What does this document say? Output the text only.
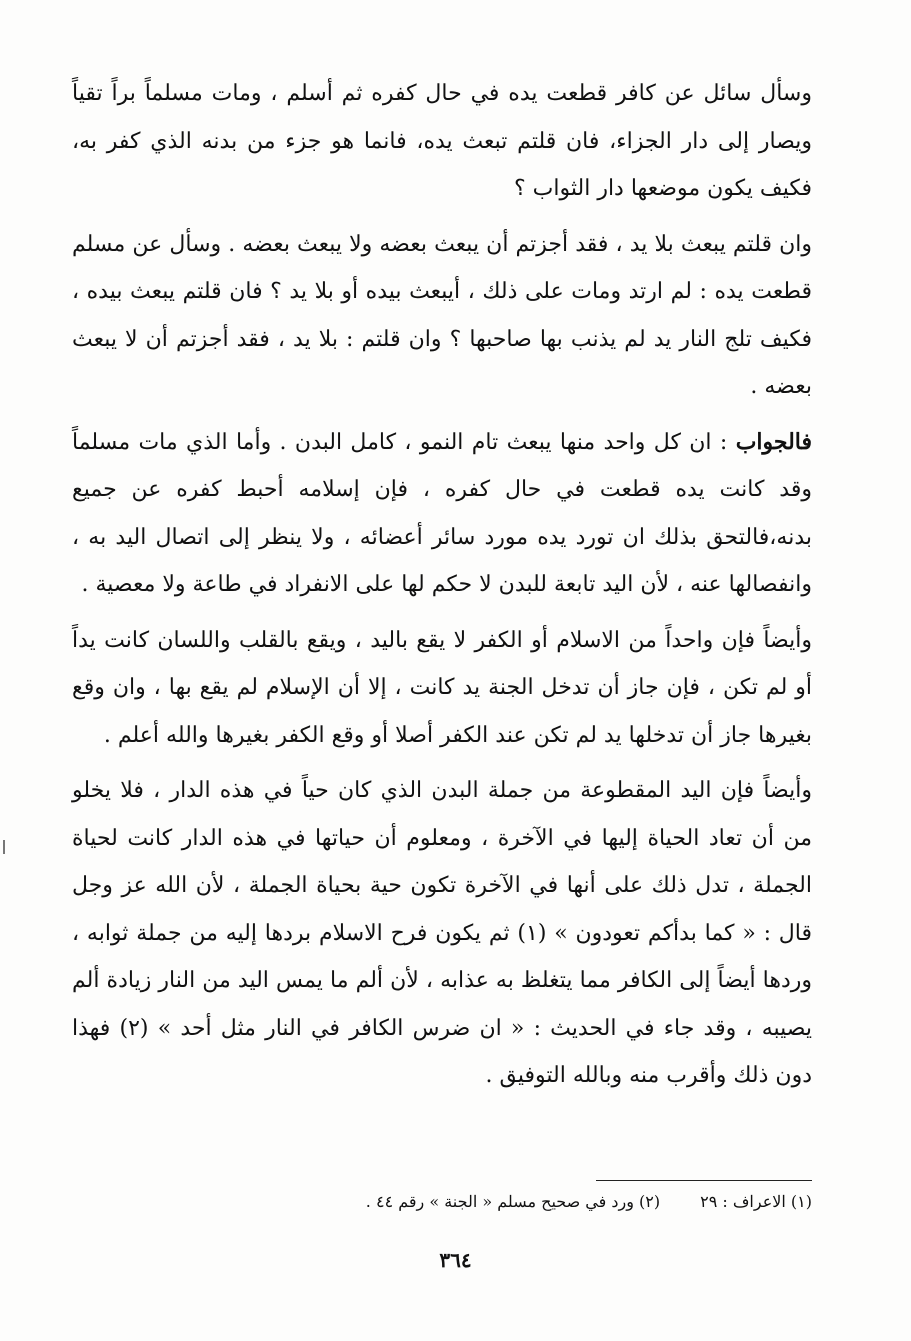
وسأل سائل عن كافر قطعت يده في حال كفره ثم أسلم ، ومات مسلماً براً تقياً ويصار إلى دار الجزاء، فان قلتم تبعث يده، فانما هو جزء من بدنه الذي كفر به، فكيف يكون موضعها دار الثواب ؟

وان قلتم يبعث بلا يد ، فقد أجزتم أن يبعث بعضه ولا يبعث بعضه . وسأل عن مسلم قطعت يده : لم ارتد ومات على ذلك ، أيبعث بيده أو بلا يد ؟ فان قلتم يبعث بيده ، فكيف تلج النار يد لم يذنب بها صاحبها ؟ وان قلتم : بلا يد ، فقد أجزتم أن لا يبعث بعضه .

فالجواب : ان كل واحد منها يبعث تام النمو ، كامل البدن . وأما الذي مات مسلماً وقد كانت يده قطعت في حال كفره ، فإن إسلامه أحبط كفره عن جميع بدنه،فالتحق بذلك ان تورد يده مورد سائر أعضائه ، ولا ينظر إلى اتصال اليد به ، وانفصالها عنه ، لأن اليد تابعة للبدن لا حكم لها على الانفراد في طاعة ولا معصية .

وأيضاً فإن واحداً من الاسلام أو الكفر لا يقع باليد ، ويقع بالقلب واللسان كانت يداً أو لم تكن ، فإن جاز أن تدخل الجنة يد كانت ، إلا أن الإسلام لم يقع بها ، وان وقع بغيرها جاز أن تدخلها يد لم تكن عند الكفر أصلا أو وقع الكفر بغيرها والله أعلم .

وأيضاً فإن اليد المقطوعة من جملة البدن الذي كان حياً في هذه الدار ، فلا يخلو من أن تعاد الحياة إليها في الآخرة ، ومعلوم أن حياتها في هذه الدار كانت لحياة الجملة ، تدل ذلك على أنها في الآخرة تكون حية بحياة الجملة ، لأن الله عز وجل قال : « كما بدأكم تعودون » (١) ثم يكون فرح الاسلام بردها إليه من جملة ثوابه ، وردها أيضاً إلى الكافر مما يتغلظ به عذابه ، لأن ألم ما يمس اليد من النار زيادة ألم يصيبه ، وقد جاء في الحديث : « ان ضرس الكافر في النار مثل أحد » (٢) فهذا دون ذلك وأقرب منه وبالله التوفيق .

(١) الاعراف : ٢٩
(٢) ورد في صحيح مسلم « الجنة » رقم ٤٤ .
٣٦٤
